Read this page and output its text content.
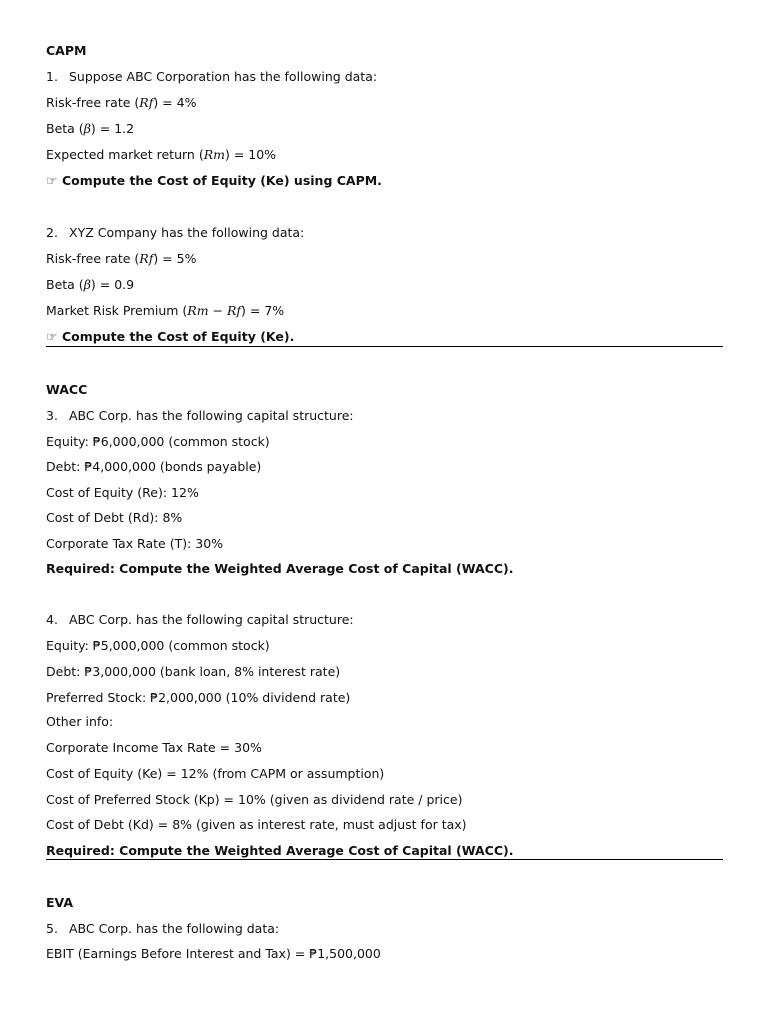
CAPM
1. Suppose ABC Corporation has the following data:
Risk-free rate (Rf) = 4%
Beta (β) = 1.2
Expected market return (Rm) = 10%
☞ Compute the Cost of Equity (Ke) using CAPM.
2. XYZ Company has the following data:
Risk-free rate (Rf) = 5%
Beta (β) = 0.9
Market Risk Premium (Rm − Rf) = 7%
☞ Compute the Cost of Equity (Ke).
WACC
3. ABC Corp. has the following capital structure:
Equity: ₱6,000,000 (common stock)
Debt: ₱4,000,000 (bonds payable)
Cost of Equity (Re): 12%
Cost of Debt (Rd): 8%
Corporate Tax Rate (T): 30%
Required: Compute the Weighted Average Cost of Capital (WACC).
4. ABC Corp. has the following capital structure:
Equity: ₱5,000,000 (common stock)
Debt: ₱3,000,000 (bank loan, 8% interest rate)
Preferred Stock: ₱2,000,000 (10% dividend rate)
Other info:
Corporate Income Tax Rate = 30%
Cost of Equity (Ke) = 12% (from CAPM or assumption)
Cost of Preferred Stock (Kp) = 10% (given as dividend rate / price)
Cost of Debt (Kd) = 8% (given as interest rate, must adjust for tax)
Required: Compute the Weighted Average Cost of Capital (WACC).
EVA
5. ABC Corp. has the following data:
EBIT (Earnings Before Interest and Tax) = ₱1,500,000
